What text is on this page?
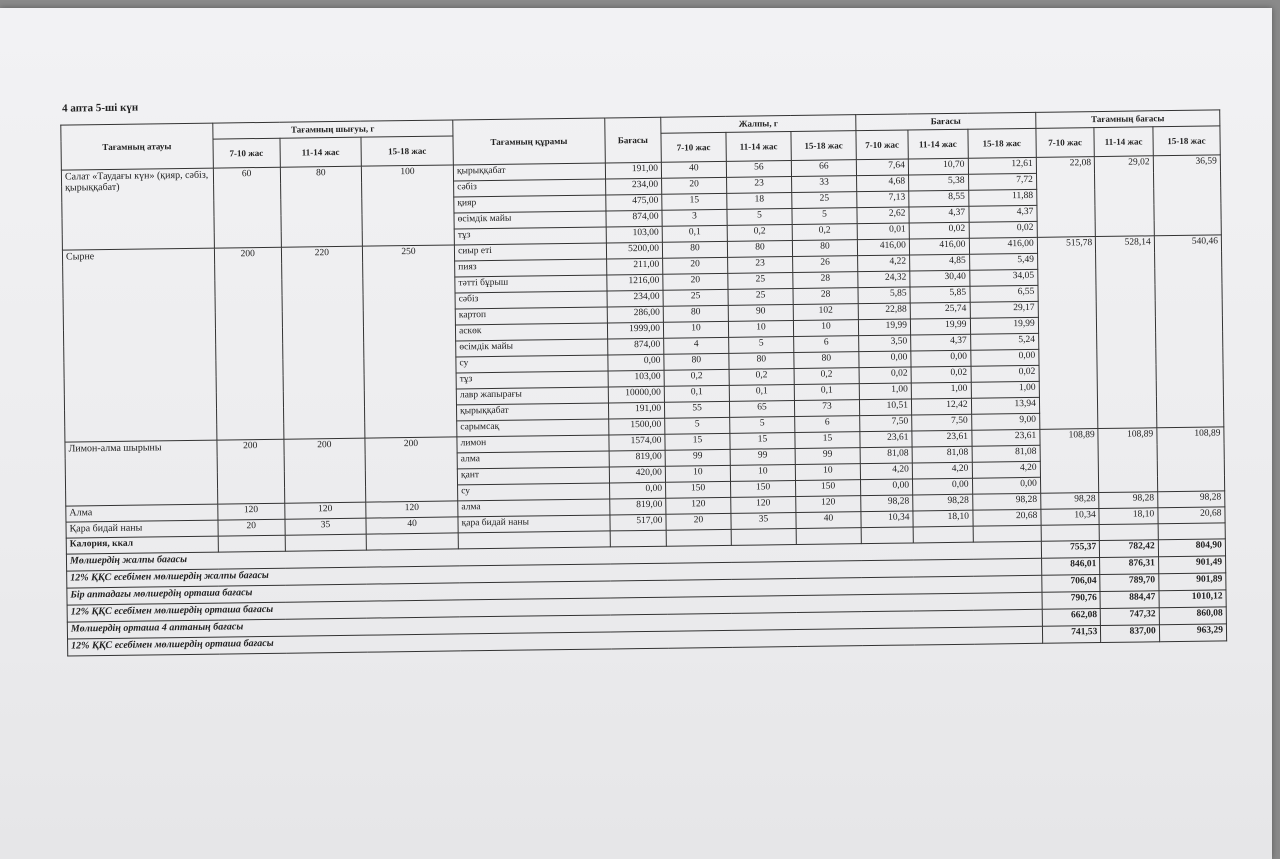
4 апта 5-ші күн
Тағамның атауы	Тағамның шығуы, г			Тағамның құрамы	Бағасы	Жалпы, г			Бағасы			Тағамның бағасы		
	7-10 жас	11-14 жас	15-18 жас			7-10 жас	11-14 жас	15-18 жас	7-10 жас	11-14 жас	15-18 жас	7-10 жас	11-14 жас	15-18 жас
Салат «Таудағы күн» (қияр, сәбіз, қырыққабат)	60	80	100	қырыққабат	191,00	40	56	66	7,64	10,70	12,61	22,08	29,02	36,59
				сәбіз	234,00	20	23	33	4,68	5,38	7,72			
				қияр	475,00	15	18	25	7,13	8,55	11,88			
				өсімдік майы	874,00	3	5	5	2,62	4,37	4,37			
				тұз	103,00	0,1	0,2	0,2	0,01	0,02	0,02			
Сырне	200	220	250	сиыр еті	5200,00	80	80	80	416,00	416,00	416,00	515,78	528,14	540,46
				пияз	211,00	20	23	26	4,22	4,85	5,49			
				тәтті бұрыш	1216,00	20	25	28	24,32	30,40	34,05			
				сәбіз	234,00	25	25	28	5,85	5,85	6,55			
				картоп	286,00	80	90	102	22,88	25,74	29,17			
				аскөк	1999,00	10	10	10	19,99	19,99	19,99			
				өсімдік майы	874,00	4	5	6	3,50	4,37	5,24			
				су	0,00	80	80	80	0,00	0,00	0,00			
				тұз	103,00	0,2	0,2	0,2	0,02	0,02	0,02			
				лавр жапырағы	10000,00	0,1	0,1	0,1	1,00	1,00	1,00			
				қырыққабат	191,00	55	65	73	10,51	12,42	13,94			
				сарымсақ	1500,00	5	5	6	7,50	7,50	9,00			
Лимон-алма шырыны	200	200	200	лимон	1574,00	15	15	15	23,61	23,61	23,61	108,89	108,89	108,89
				алма	819,00	99	99	99	81,08	81,08	81,08			
				қант	420,00	10	10	10	4,20	4,20	4,20			
				су	0,00	150	150	150	0,00	0,00	0,00			
Алма	120	120	120	алма	819,00	120	120	120	98,28	98,28	98,28	98,28	98,28	98,28
Қара бидай наны	20	35	40	қара бидай наны	517,00	20	35	40	10,34	18,10	20,68	10,34	18,10	20,68
Калория, ккал														
Мөлшердің жалпы бағасы												755,37	782,42	804,90
12% ҚҚС есебімен мөлшердің жалпы бағасы												846,01	876,31	901,49
Бір аптадағы мөлшердің орташа бағасы												706,04	789,70	901,89
12% ҚҚС есебімен мөлшердің орташа бағасы												790,76	884,47	1010,12
Мөлшердің орташа 4 аптаның бағасы												662,08	747,32	860,08
12% ҚҚС есебімен мөлшердің орташа бағасы												741,53	837,00	963,29
